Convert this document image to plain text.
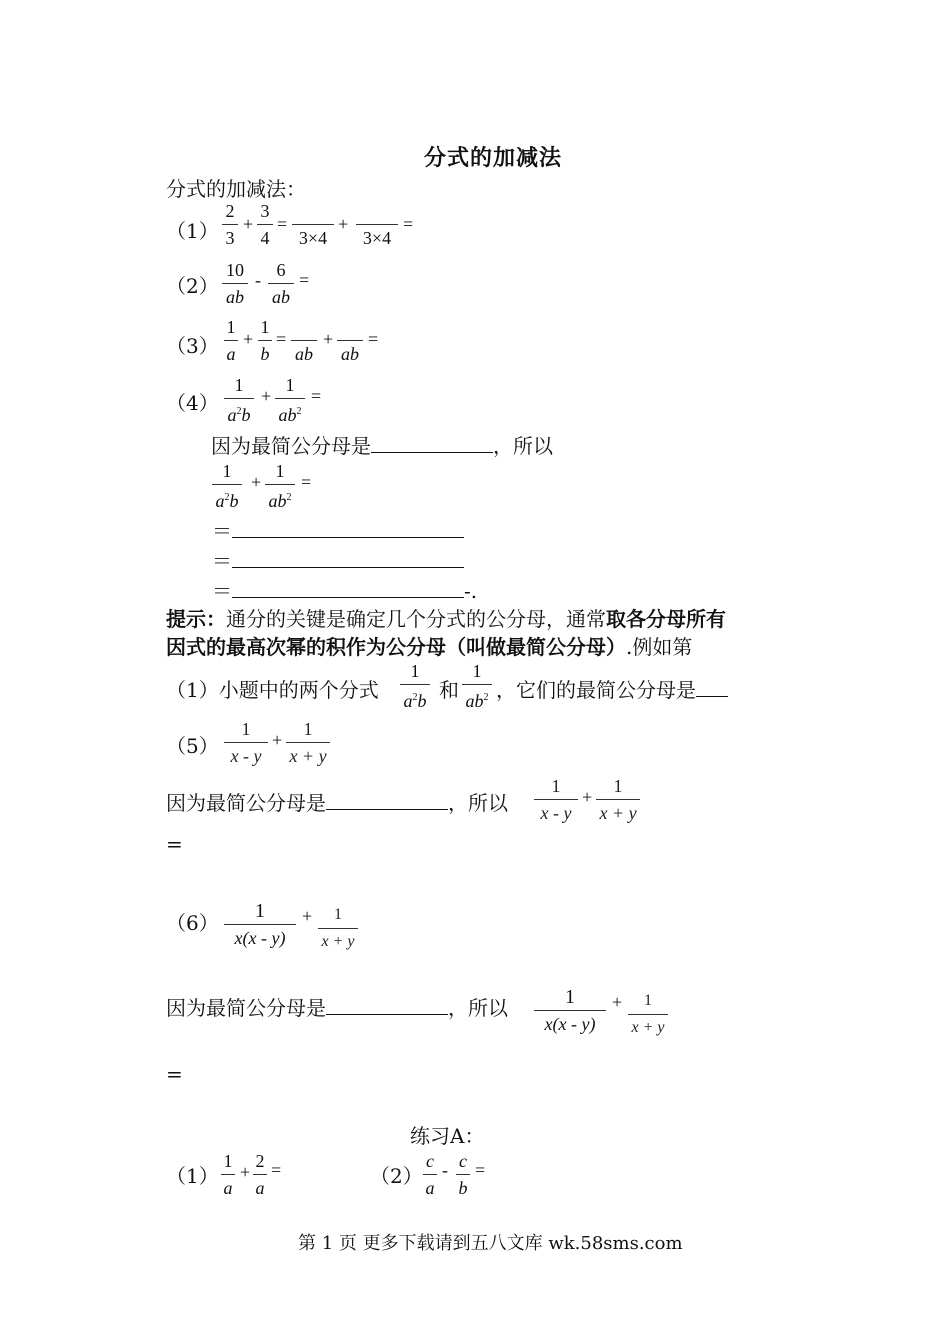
分式的加减法
分式的加减法：
（1）
2
3
+
3
4
=
3×4
+
3×4
=
（2）
10
ab
- 6
ab
=
（3）
1
a
+
1
b
=
ab
+
ab
=
（4）
1
$a^2b$
+
1
$ab^2$
=
因为最简公分母是	，所以
1
$a^2b$
+
1
$ab^2$
=
＝
＝
＝	-.
提示：通分的关键是确定几个分式的公分母，通常取各分母所有
因式的最高次幂的积作为公分母（叫做最简公分母）.例如第
（1）小题中的两个分式
1
$a^2b$ 和
1
$ab^2$ ，它们的最简公分母是
（5）
1
x - y
+
1
x + y
因为最简公分母是	，所以
1
x - y
+
1
x + y
=
（6） 1
x(x - y)
+ 1
x + y
因为最简公分母是	，所以	1
x(x - y)
+ 1
x + y
=
练习A：
（1）
1
a
+
2
a
=	（2）
c
a
- c
b
=
第 1 页 更多下载请到五八文库 wk.58sms.com
